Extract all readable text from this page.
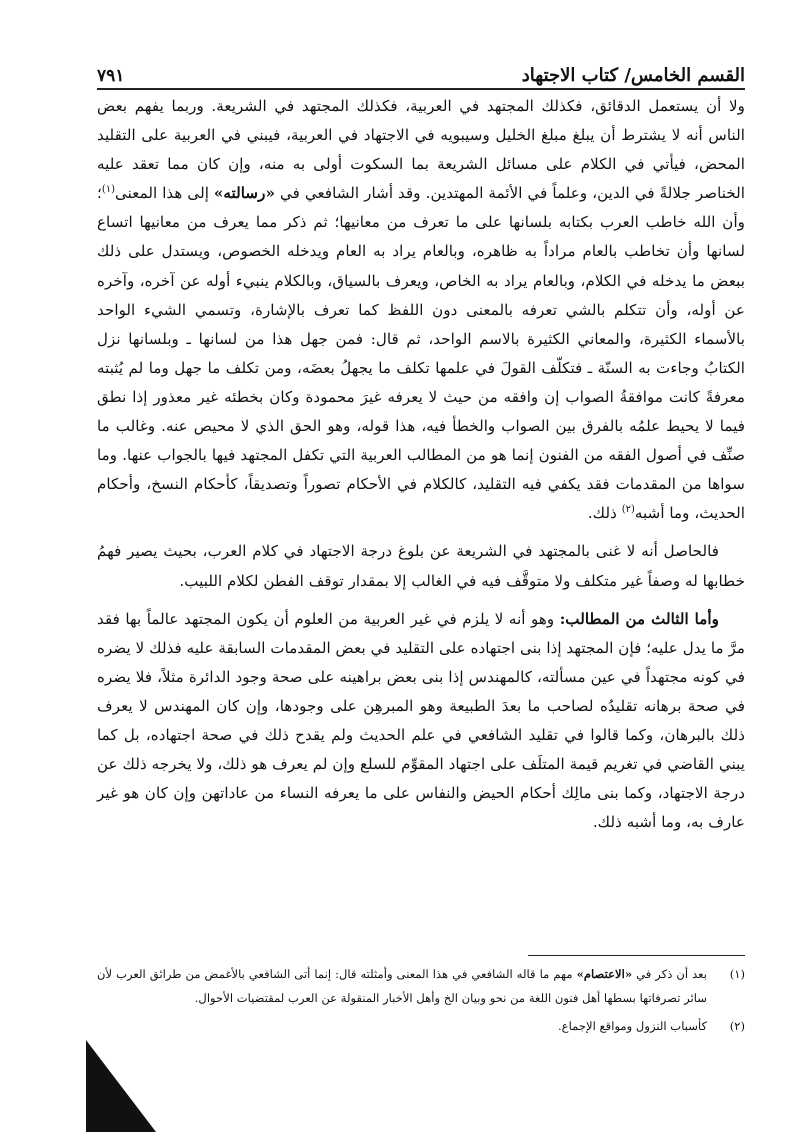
القسم الخامس/ كتاب الاجتهاد
٧٩١

ولا أن يستعمل الدقائق، فكذلك المجتهد في العربية، فكذلك المجتهد في الشريعة. وربما يفهم بعض الناس أنه لا يشترط أن يبلغ مبلغ الخليل وسيبويه في الاجتهاد في العربية، فيبني في العربية على التقليد المحض، فيأتي في الكلام على مسائل الشريعة بما السكوت أولى به منه، وإن كان مما تعقد عليه الخناصر جلالةً في الدين، وعلماً في الأئمة المهتدين. وقد أشار الشافعي في «رسالته» إلى هذا المعنى$^{(١)}$؛ وأن الله خاطب العرب بكتابه بلسانها على ما تعرف من معانيها؛ ثم ذكر مما يعرف من معانيها اتساع لسانها وأن تخاطب بالعام مراداً به ظاهره، وبالعام يراد به العام ويدخله الخصوص، ويستدل على ذلك ببعض ما يدخله في الكلام، وبالعام يراد به الخاص، ويعرف بالسياق، وبالكلام ينبيء أوله عن آخره، وآخره عن أوله، وأن تتكلم بالشي تعرفه بالمعنى دون اللفظ كما تعرف بالإشارة، وتسمي الشيء الواحد بالأسماء الكثيرة، والمعاني الكثيرة بالاسم الواحد، ثم قال: فمن جهل هذا من لسانها ـ وبلسانها نزل الكتابُ وجاءت به السنّة ـ فتكلّف القولَ في علمها تكلف ما يجهلُ بعضَه، ومن تكلف ما جهل وما لم يُثبته معرفةً كانت موافقةُ الصواب إن وافقه من حيث لا يعرفه غيرَ محمودة وكان بخطئه غير معذور إذا نطق فيما لا يحيط علمُه بالفرق بين الصواب والخطأ فيه، هذا قوله، وهو الحق الذي لا محيص عنه. وغالب ما صنِّف في أصول الفقه من الفنون إنما هو من المطالب العربية التي تكفل المجتهد فيها بالجواب عنها. وما سواها من المقدمات فقد يكفي فيه التقليد، كالكلام في الأحكام تصوراً وتصديقاً، كأحكام النسخ، وأحكام الحديث، وما أشبه$^{(٢)}$ ذلك.

فالحاصل أنه لا غنى بالمجتهد في الشريعة عن بلوغ درجة الاجتهاد في كلام العرب، بحيث يصير فهمُ خطابها له وصفاً غير متكلف ولا متوقَّف فيه في الغالب إلا بمقدار توقف الفطن لكلام اللبيب.

وأما الثالث من المطالب: وهو أنه لا يلزم في غير العربية من العلوم أن يكون المجتهد عالماً بها فقد مرَّ ما يدل عليه؛ فإن المجتهد إذا بنى اجتهاده على التقليد في بعض المقدمات السابقة عليه فذلك لا يضره في كونه مجتهداً في عين مسألته، كالمهندس إذا بنى بعض براهينه على صحة وجود الدائرة مثلاً، فلا يضره في صحة برهانه تقليدُه لصاحب ما بعدَ الطبيعة وهو المبرهِن على وجودها، وإن كان المهندس لا يعرف ذلك بالبرهان، وكما قالوا في تقليد الشافعي في علم الحديث ولم يقدح ذلك في صحة اجتهاده، بل كما يبني القاضي في تغريم قيمة المتلَف على اجتهاد المقوِّم للسلع وإن لم يعرف هو ذلك، ولا يخرجه ذلك عن درجة الاجتهاد، وكما بنى مالِك أحكام الحيض والنفاس على ما يعرفه النساء من عاداتهن وإن كان هو غير عارف به، وما أشبه ذلك.

(١)
بعد أن ذكر في «الاعتصام» مهم ما قاله الشافعي في هذا المعنى وأمثلته قال: إنما أتى الشافعي بالأغمض من طرائق العرب لأن سائر تصرفاتها بسطها أهل فنون اللغة من نحو وبيان الخ وأهل الأخبار المنقولة عن العرب لمقتضيات الأحوال.
(٢)
كأسباب النزول ومواقع الإجماع.
